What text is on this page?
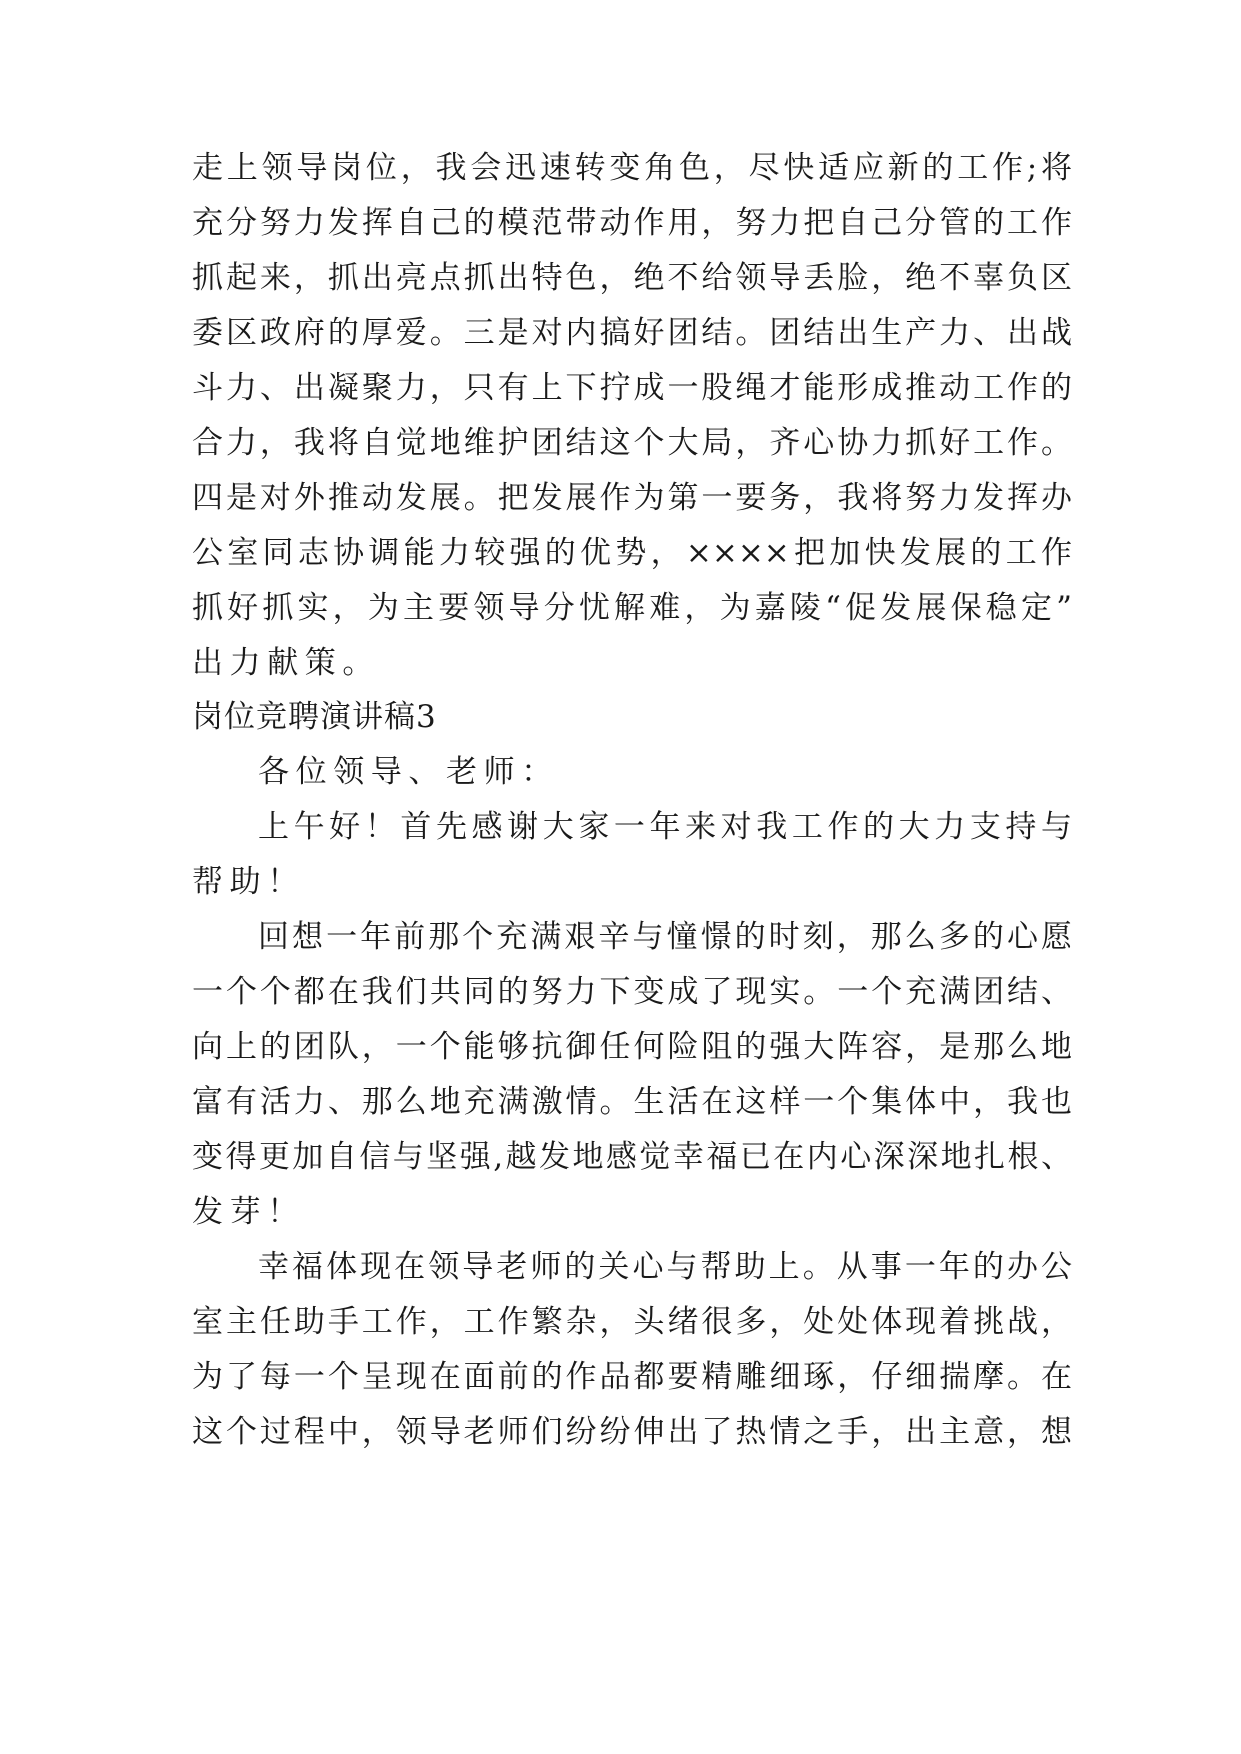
走上领导岗位，我会迅速转变角色，尽快适应新的工作;将
充分努力发挥自己的模范带动作用，努力把自己分管的工作
抓起来，抓出亮点抓出特色，绝不给领导丢脸，绝不辜负区
委区政府的厚爱。三是对内搞好团结。团结出生产力、出战
斗力、出凝聚力，只有上下拧成一股绳才能形成推动工作的
合力，我将自觉地维护团结这个大局，齐心协力抓好工作。
四是对外推动发展。把发展作为第一要务，我将努力发挥办
公室同志协调能力较强的优势，××××把加快发展的工作
抓好抓实，为主要领导分忧解难，为嘉陵“促发展保稳定”
出力献策。
岗位竞聘演讲稿3
各位领导、老师：
上午好！首先感谢大家一年来对我工作的大力支持与
帮助！
回想一年前那个充满艰辛与憧憬的时刻，那么多的心愿
一个个都在我们共同的努力下变成了现实。一个充满团结、
向上的团队，一个能够抗御任何险阻的强大阵容，是那么地
富有活力、那么地充满激情。生活在这样一个集体中，我也
变得更加自信与坚强,越发地感觉幸福已在内心深深地扎根、
发芽！
幸福体现在领导老师的关心与帮助上。从事一年的办公
室主任助手工作，工作繁杂，头绪很多，处处体现着挑战，
为了每一个呈现在面前的作品都要精雕细琢，仔细揣摩。在
这个过程中，领导老师们纷纷伸出了热情之手，出主意，想
